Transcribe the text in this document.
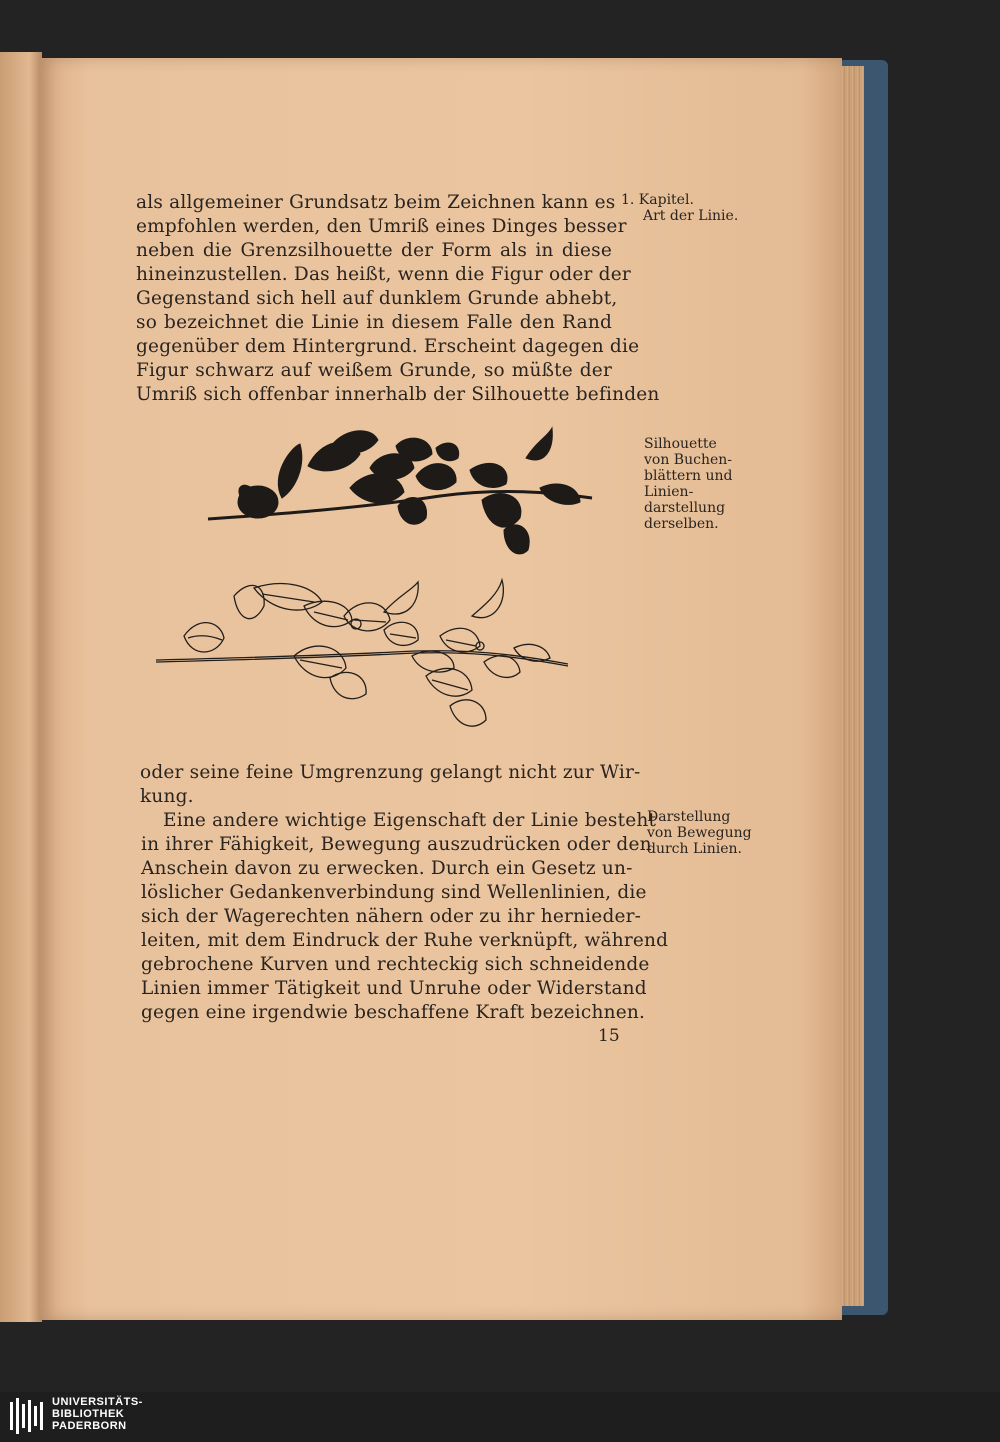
als allgemeiner Grundsatz beim Zeichnen kann es
empfohlen werden, den Umriß eines Dinges besser
neben die Grenzsilhouette der Form als in diese
hineinzustellen. Das heißt, wenn die Figur oder der
Gegenstand sich hell auf dunklem Grunde abhebt,
so bezeichnet die Linie in diesem Falle den Rand
gegenüber dem Hintergrund. Erscheint dagegen die
Figur schwarz auf weißem Grunde, so müßte der
Umriß sich offenbar innerhalb der Silhouette befinden
1. Kapitel.
Art der Linie.
Silhouette
von Buchen-
blättern und
Linien-
darstellung
derselben.
oder seine feine Umgrenzung gelangt nicht zur Wir-
kung.
Eine andere wichtige Eigenschaft der Linie besteht
in ihrer Fähigkeit, Bewegung auszudrücken oder den
Anschein davon zu erwecken. Durch ein Gesetz un-
löslicher Gedankenverbindung sind Wellenlinien, die
sich der Wagerechten nähern oder zu ihr hernieder-
leiten, mit dem Eindruck der Ruhe verknüpft, während
gebrochene Kurven und rechteckig sich schneidende
Linien immer Tätigkeit und Unruhe oder Widerstand
gegen eine irgendwie beschaffene Kraft bezeichnen.
Darstellung
von Bewegung
durch Linien.
15
UNIVERSITÄTS-
BIBLIOTHEK
PADERBORN
